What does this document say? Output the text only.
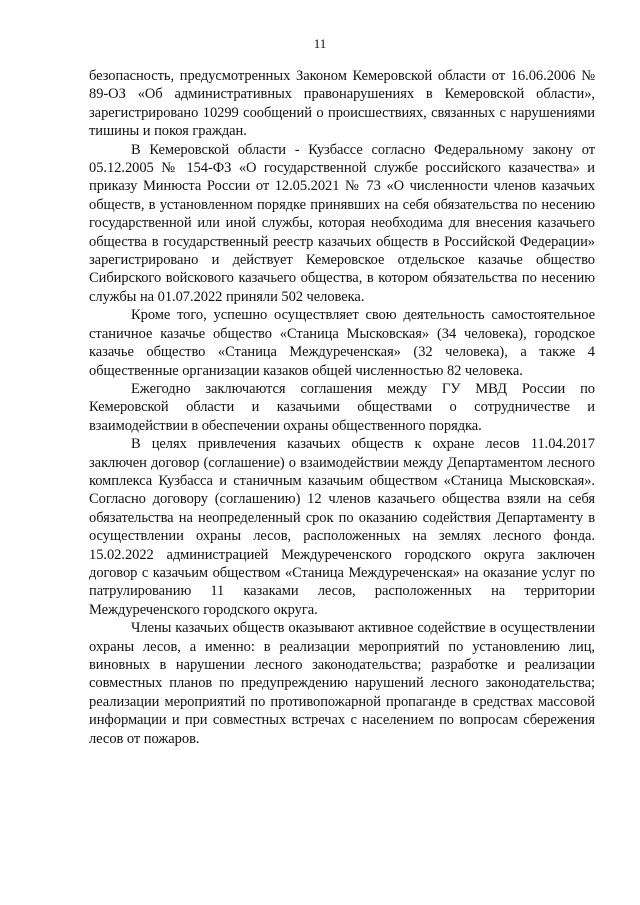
11

безопасность, предусмотренных Законом Кемеровской области от 16.06.2006 № 89-ОЗ «Об административных правонарушениях в Кемеровской области», зарегистрировано 10299 сообщений о происшествиях, связанных с нарушениями тишины и покоя граждан.

В Кемеровской области - Кузбассе согласно Федеральному закону от 05.12.2005 № 154-ФЗ «О государственной службе российского казачества» и приказу Минюста России от 12.05.2021 № 73 «О численности членов казачьих обществ, в установленном порядке принявших на себя обязательства по несению государственной или иной службы, которая необходима для внесения казачьего общества в государственный реестр казачьих обществ в Российской Федерации» зарегистрировано и действует Кемеровское отдельское казачье общество Сибирского войскового казачьего общества, в котором обязательства по несению службы на 01.07.2022 приняли 502 человека.

Кроме того, успешно осуществляет свою деятельность самостоятельное станичное казачье общество «Станица Мысковская» (34 человека), городское казачье общество «Станица Междуреченская» (32 человека), а также 4 общественные организации казаков общей численностью 82 человека.

Ежегодно заключаются соглашения между ГУ МВД России по Кемеровской области и казачьими обществами о сотрудничестве и взаимодействии в обеспечении охраны общественного порядка.

В целях привлечения казачьих обществ к охране лесов 11.04.2017 заключен договор (соглашение) о взаимодействии между Департаментом лесного комплекса Кузбасса и станичным казачьим обществом «Станица Мысковская». Согласно договору (соглашению) 12 членов казачьего общества взяли на себя обязательства на неопределенный срок по оказанию содействия Департаменту в осуществлении охраны лесов, расположенных на землях лесного фонда. 15.02.2022 администрацией Междуреченского городского округа заключен договор с казачьим обществом «Станица Междуреченская» на оказание услуг по патрулированию 11 казаками лесов, расположенных на территории Междуреченского городского округа.

Члены казачьих обществ оказывают активное содействие в осуществлении охраны лесов, а именно: в реализации мероприятий по установлению лиц, виновных в нарушении лесного законодательства; разработке и реализации совместных планов по предупреждению нарушений лесного законодательства; реализации мероприятий по противопожарной пропаганде в средствах массовой информации и при совместных встречах с населением по вопросам сбережения лесов от пожаров.
